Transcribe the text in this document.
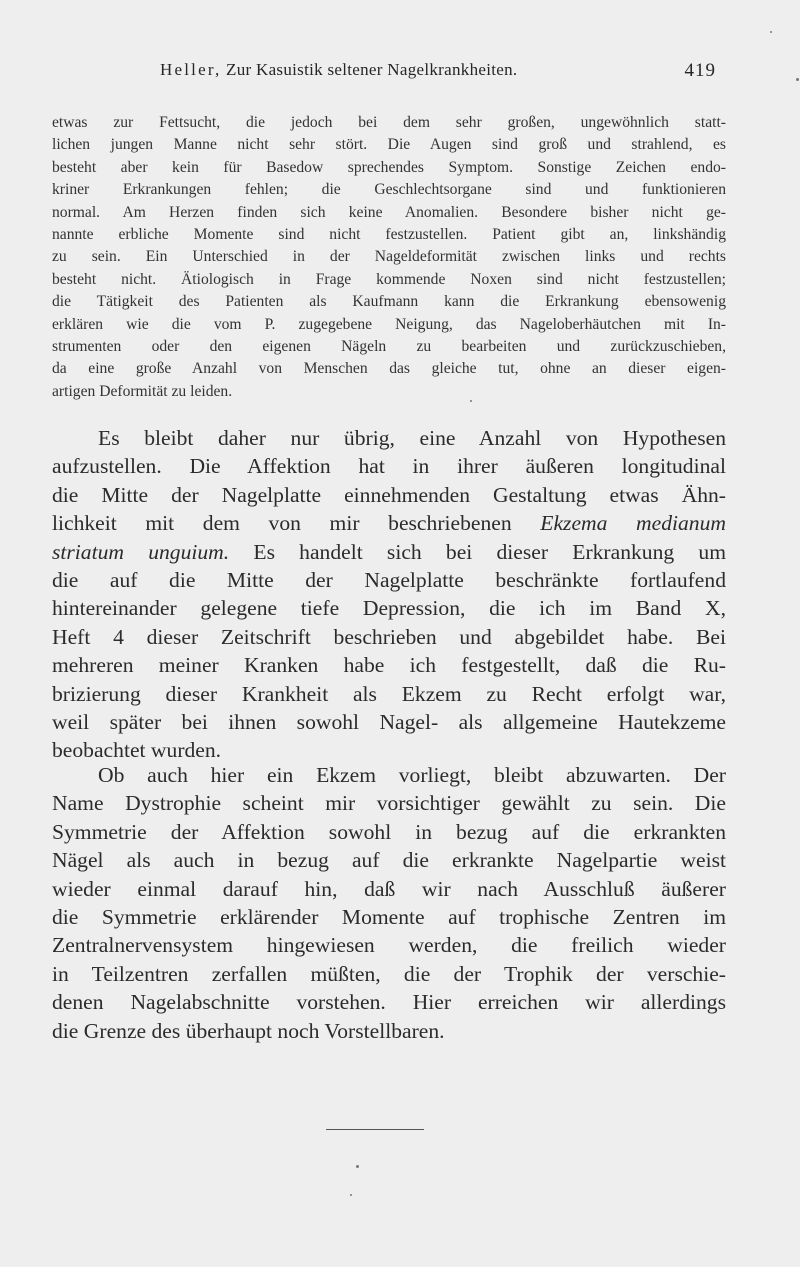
Heller, Zur Kasuistik seltener Nagelkrankheiten.	419
etwas zur Fettsucht, die jedoch bei dem sehr großen, ungewöhnlich statt-
lichen jungen Manne nicht sehr stört. Die Augen sind groß und strahlend, es
besteht aber kein für Basedow sprechendes Symptom. Sonstige Zeichen endo-
kriner Erkrankungen fehlen; die Geschlechtsorgane sind und funktionieren
normal. Am Herzen finden sich keine Anomalien. Besondere bisher nicht ge-
nannte erbliche Momente sind nicht festzustellen. Patient gibt an, linkshändig
zu sein. Ein Unterschied in der Nageldeformität zwischen links und rechts
besteht nicht. Ätiologisch in Frage kommende Noxen sind nicht festzustellen;
die Tätigkeit des Patienten als Kaufmann kann die Erkrankung ebensowenig
erklären wie die vom P. zugegebene Neigung, das Nageloberhäutchen mit In-
strumenten oder den eigenen Nägeln zu bearbeiten und zurückzuschieben,
da eine große Anzahl von Menschen das gleiche tut, ohne an dieser eigen-
artigen Deformität zu leiden.
Es bleibt daher nur übrig, eine Anzahl von Hypothesen
aufzustellen. Die Affektion hat in ihrer äußeren longitudinal
die Mitte der Nagelplatte einnehmenden Gestaltung etwas Ähn-
lichkeit mit dem von mir beschriebenen Ekzema medianum
striatum unguium. Es handelt sich bei dieser Erkrankung um
die auf die Mitte der Nagelplatte beschränkte fortlaufend
hintereinander gelegene tiefe Depression, die ich im Band X,
Heft 4 dieser Zeitschrift beschrieben und abgebildet habe. Bei
mehreren meiner Kranken habe ich festgestellt, daß die Ru-
brizierung dieser Krankheit als Ekzem zu Recht erfolgt war,
weil später bei ihnen sowohl Nagel- als allgemeine Hautekzeme
beobachtet wurden.
Ob auch hier ein Ekzem vorliegt, bleibt abzuwarten. Der
Name Dystrophie scheint mir vorsichtiger gewählt zu sein. Die
Symmetrie der Affektion sowohl in bezug auf die erkrankten
Nägel als auch in bezug auf die erkrankte Nagelpartie weist
wieder einmal darauf hin, daß wir nach Ausschluß äußerer
die Symmetrie erklärender Momente auf trophische Zentren im
Zentralnervensystem hingewiesen werden, die freilich wieder
in Teilzentren zerfallen müßten, die der Trophik der verschie-
denen Nagelabschnitte vorstehen. Hier erreichen wir allerdings
die Grenze des überhaupt noch Vorstellbaren.
